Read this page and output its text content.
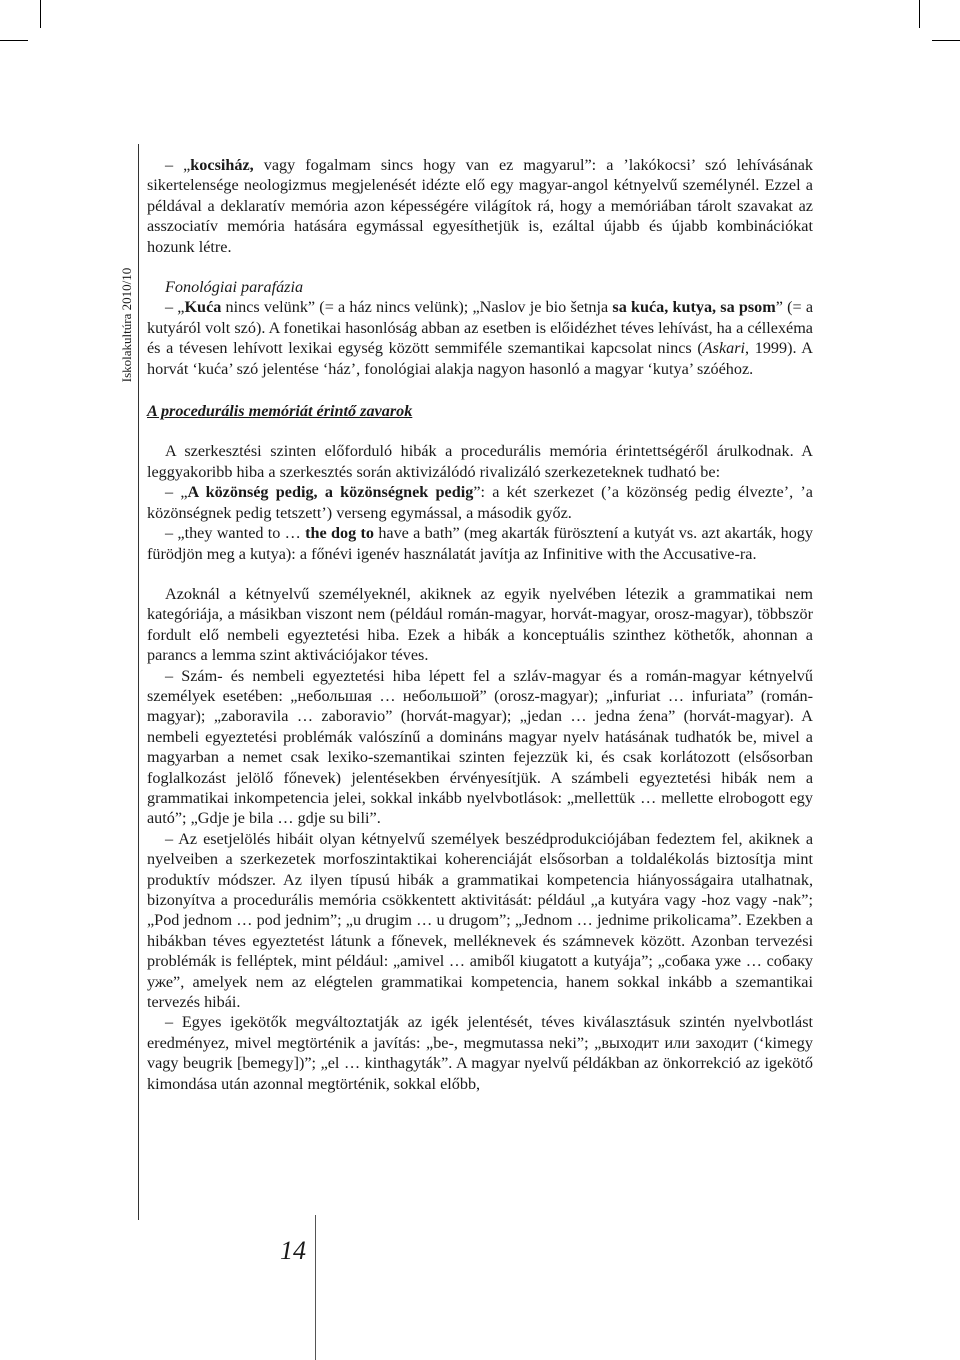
Iskolakultúra 2010/10

– „kocsiház, vagy fogalmam sincs hogy van ez magyarul”: a ’lakókocsi’ szó lehívásának sikertelensége neologizmus megjelenését idézte elő egy magyar-angol kétnyelvű személynél. Ezzel a példával a deklaratív memória azon képességére világítok rá, hogy a memóriában tárolt szavakat az asszociatív memória hatására egymással egyesíthetjük is, ezáltal újabb és újabb kombinációkat hozunk létre.

Fonológiai parafázia

– „Kuća nincs velünk” (= a ház nincs velünk); „Naslov je bio šetnja sa kuća, kutya, sa psom” (= a kutyáról volt szó). A fonetikai hasonlóság abban az esetben is előidézhet téves lehívást, ha a céllexéma és a tévesen lehívott lexikai egység között semmiféle szemantikai kapcsolat nincs (Askari, 1999). A horvát ‘kuća’ szó jelentése ‘ház’, fonológiai alakja nagyon hasonló a magyar ‘kutya’ szóéhoz.

A procedurális memóriát érintő zavarok

A szerkesztési szinten előforduló hibák a procedurális memória érintettségéről árulkodnak. A leggyakoribb hiba a szerkesztés során aktivizálódó rivalizáló szerkezeteknek tudható be:

– „A közönség pedig, a közönségnek pedig”: a két szerkezet (’a közönség pedig élvezte’, ’a közönségnek pedig tetszett’) verseng egymással, a második győz.

– „they wanted to … the dog to have a bath” (meg akarták fürösztení a kutyát vs. azt akarták, hogy fürödjön meg a kutya): a főnévi igenév használatát javítja az Infinitive with the Accusative-ra.

Azoknál a kétnyelvű személyeknél, akiknek az egyik nyelvében létezik a grammatikai nem kategóriája, a másikban viszont nem (például román-magyar, horvát-magyar, orosz-magyar), többször fordult elő nembeli egyeztetési hiba. Ezek a hibák a konceptuális szinthez köthetők, ahonnan a parancs a lemma szint aktivációjakor téves.

– Szám- és nembeli egyeztetési hiba lépett fel a szláv-magyar és a román-magyar kétnyelvű személyek esetében: „небольшая … небольшой” (orosz-magyar); „infuriat … infuriata” (román-magyar); „zaboravila … zaboravio” (horvát-magyar); „jedan … jedna źena” (horvát-magyar). A nembeli egyeztetési problémák valószínű a domináns magyar nyelv hatásának tudhatók be, mivel a magyarban a nemet csak lexiko-szemantikai szinten fejezzük ki, és csak korlátozott (elsősorban foglalkozást jelölő főnevek) jelentésekben érvényesítjük. A számbeli egyeztetési hibák nem a grammatikai inkompetencia jelei, sokkal inkább nyelvbotlások: „mellettük … mellette elrobogott egy autó”; „Gdje je bila … gdje su bili”.

– Az esetjelölés hibáit olyan kétnyelvű személyek beszédprodukciójában fedeztem fel, akiknek a nyelveiben a szerkezetek morfoszintaktikai koherenciáját elsősorban a toldalékolás biztosítja mint produktív módszer. Az ilyen típusú hibák a grammatikai kompetencia hiányosságaira utalhatnak, bizonyítva a procedurális memória csökkentett aktivitását: például „a kutyára vagy -hoz vagy -nak”; „Pod jednom … pod jednim”; „u drugim … u drugom”; „Jednom … jednime prikolicama”. Ezekben a hibákban téves egyeztetést látunk a főnevek, melléknevek és számnevek között. Azonban tervezési problémák is felléptek, mint például: „amivel … amiből kiugatott a kutyája”; „собака уже … собаку уже”, amelyek nem az elégtelen grammatikai kompetencia, hanem sokkal inkább a szemantikai tervezés hibái.

– Egyes igekötők megváltoztatják az igék jelentését, téves kiválasztásuk szintén nyelvbotlást eredményez, mivel megtörténik a javítás: „be-, megmutassa neki”; „выходит или заходит (‘kimegy vagy beugrik [bemegy])”; „el … kinthagyták”. A magyar nyelvű példákban az önkorrekció az igekötő kimondása után azonnal megtörténik, sokkal előbb,

14
